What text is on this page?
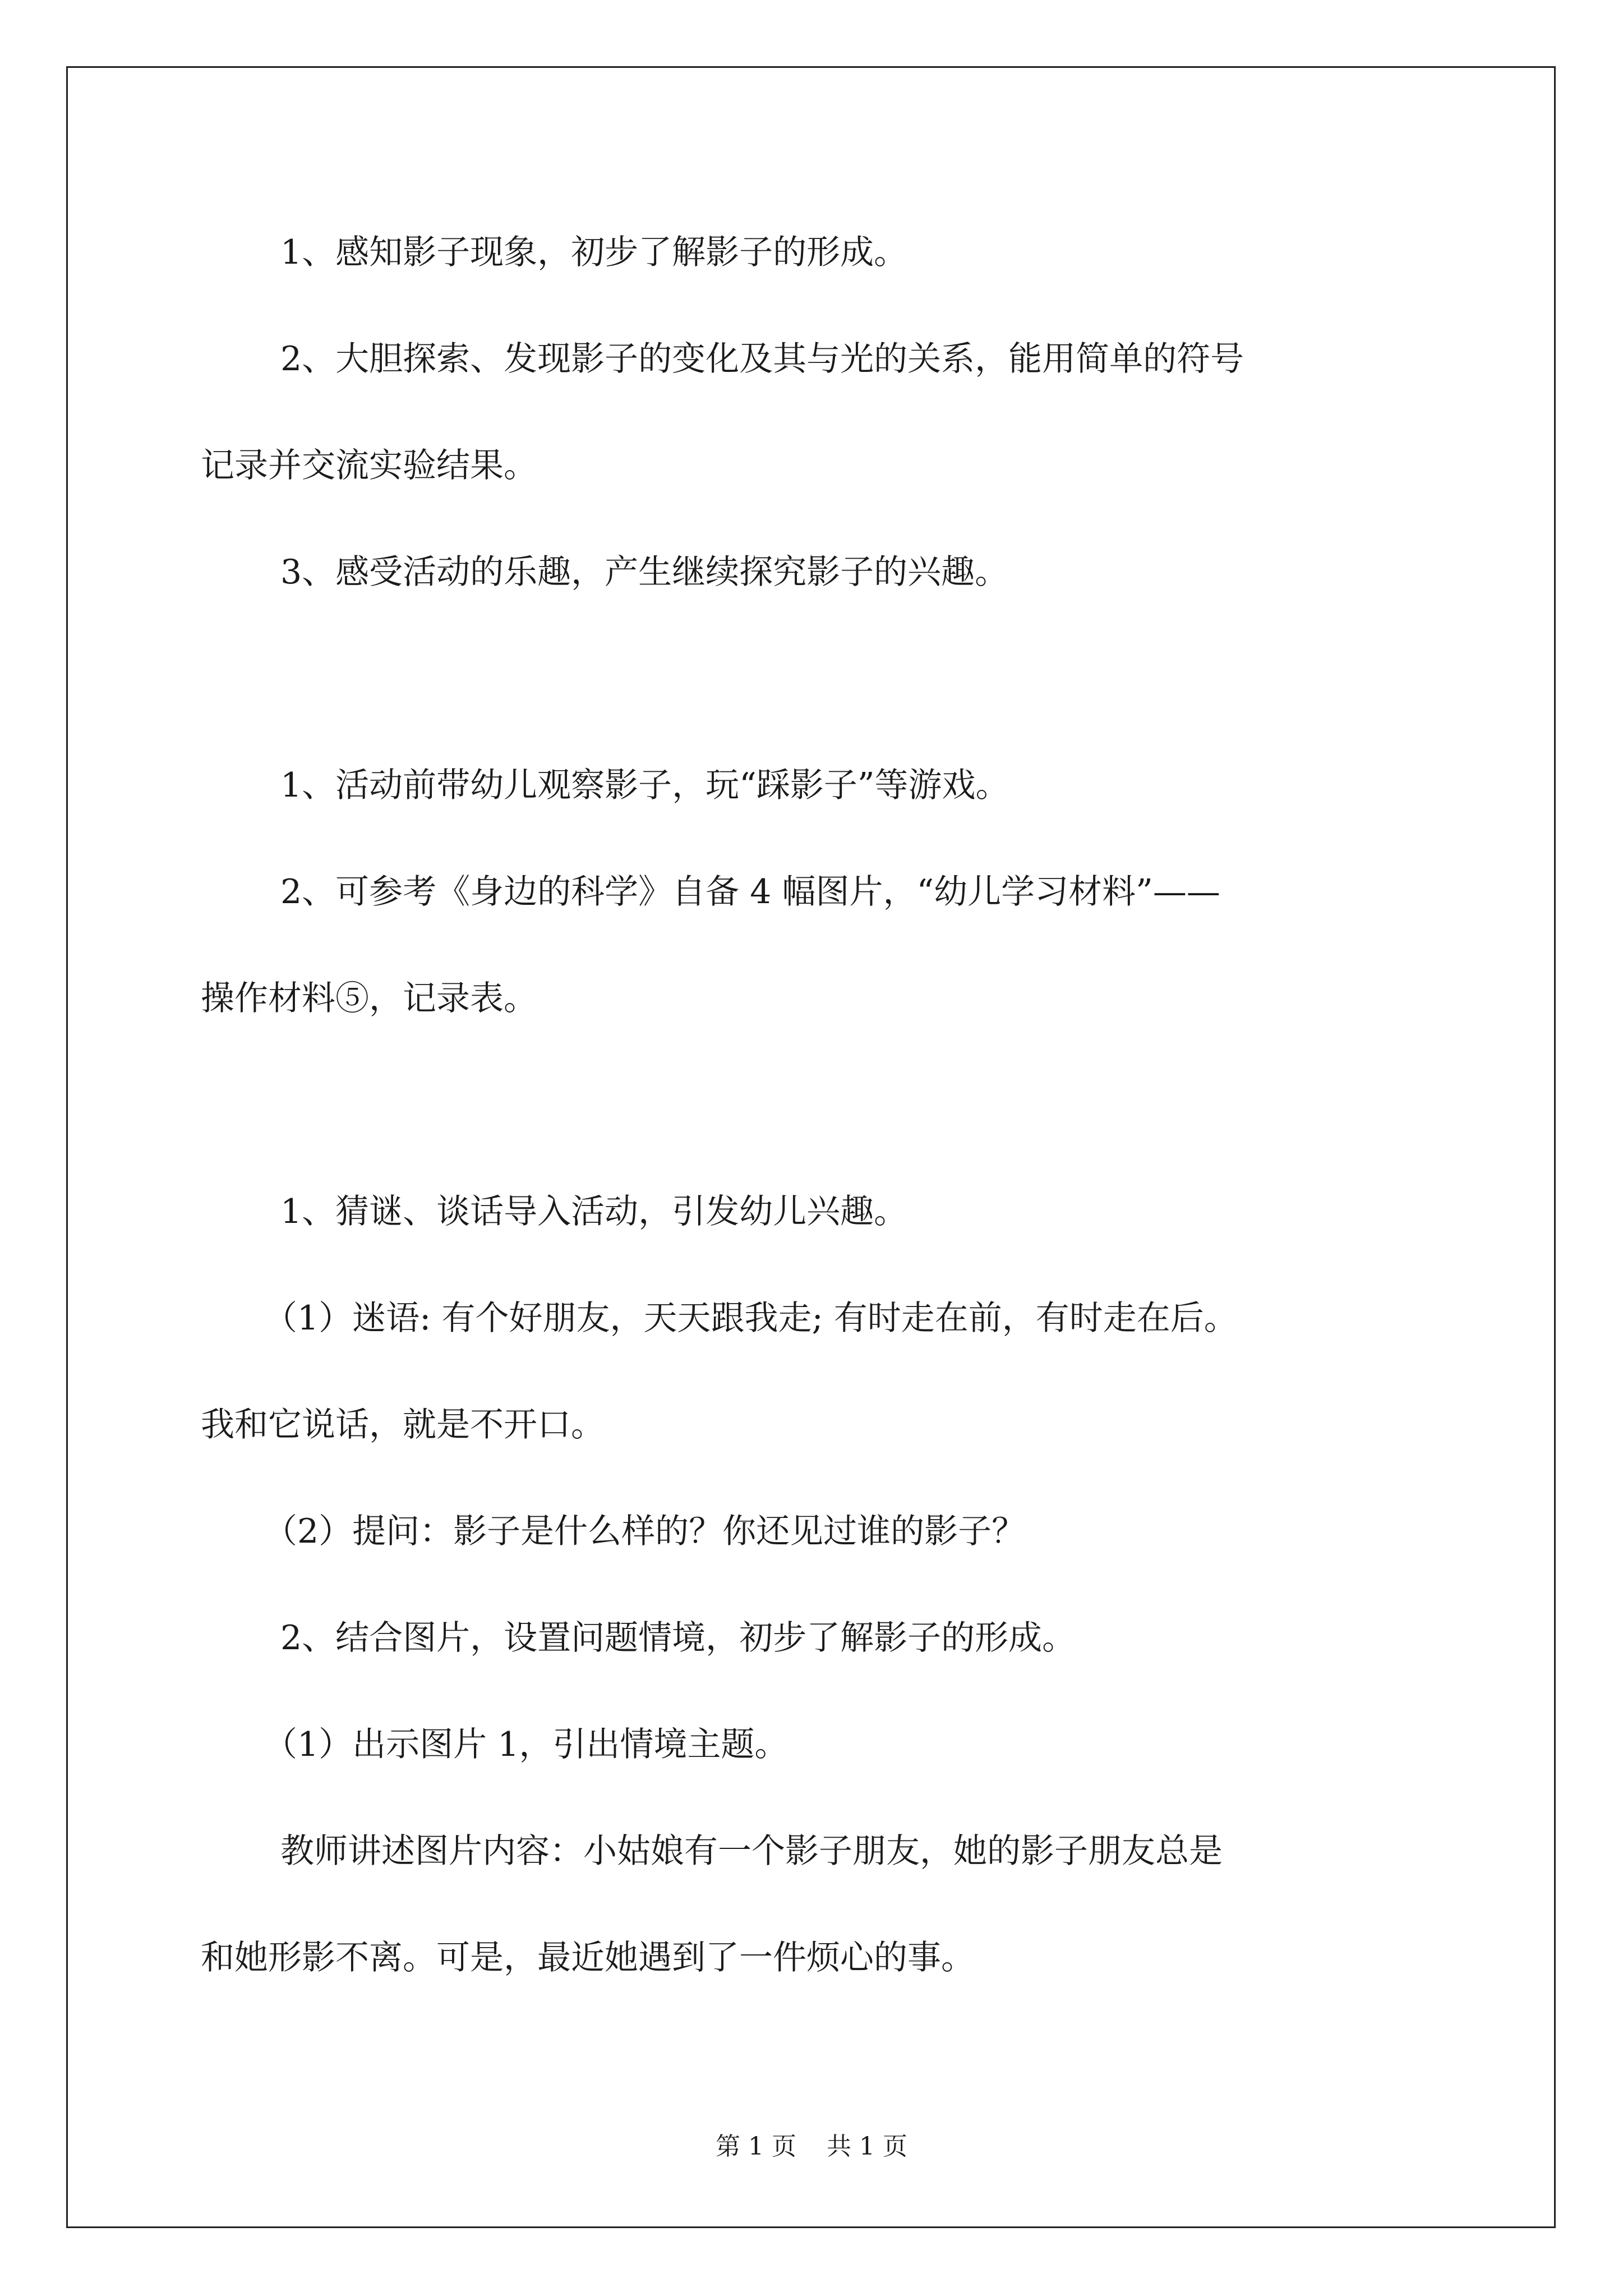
1、感知影子现象，初步了解影子的形成。

2、大胆探索、发现影子的变化及其与光的关系，能用简单的符号

记录并交流实验结果。

3、感受活动的乐趣，产生继续探究影子的兴趣。

1、活动前带幼儿观察影子，玩“踩影子”等游戏。

2、可参考《身边的科学》自备 4 幅图片，“幼儿学习材料”——

操作材料⑤，记录表。

1、猜谜、谈话导入活动，引发幼儿兴趣。

（1）迷语: 有个好朋友，天天跟我走; 有时走在前，有时走在后。

我和它说话，就是不开口。

（2）提问：影子是什么样的？你还见过谁的影子？

2、结合图片，设置问题情境，初步了解影子的形成。

（1）出示图片 1，引出情境主题。

教师讲述图片内容：小姑娘有一个影子朋友，她的影子朋友总是

和她形影不离。可是，最近她遇到了一件烦心的事。

第 1 页 共 1 页
